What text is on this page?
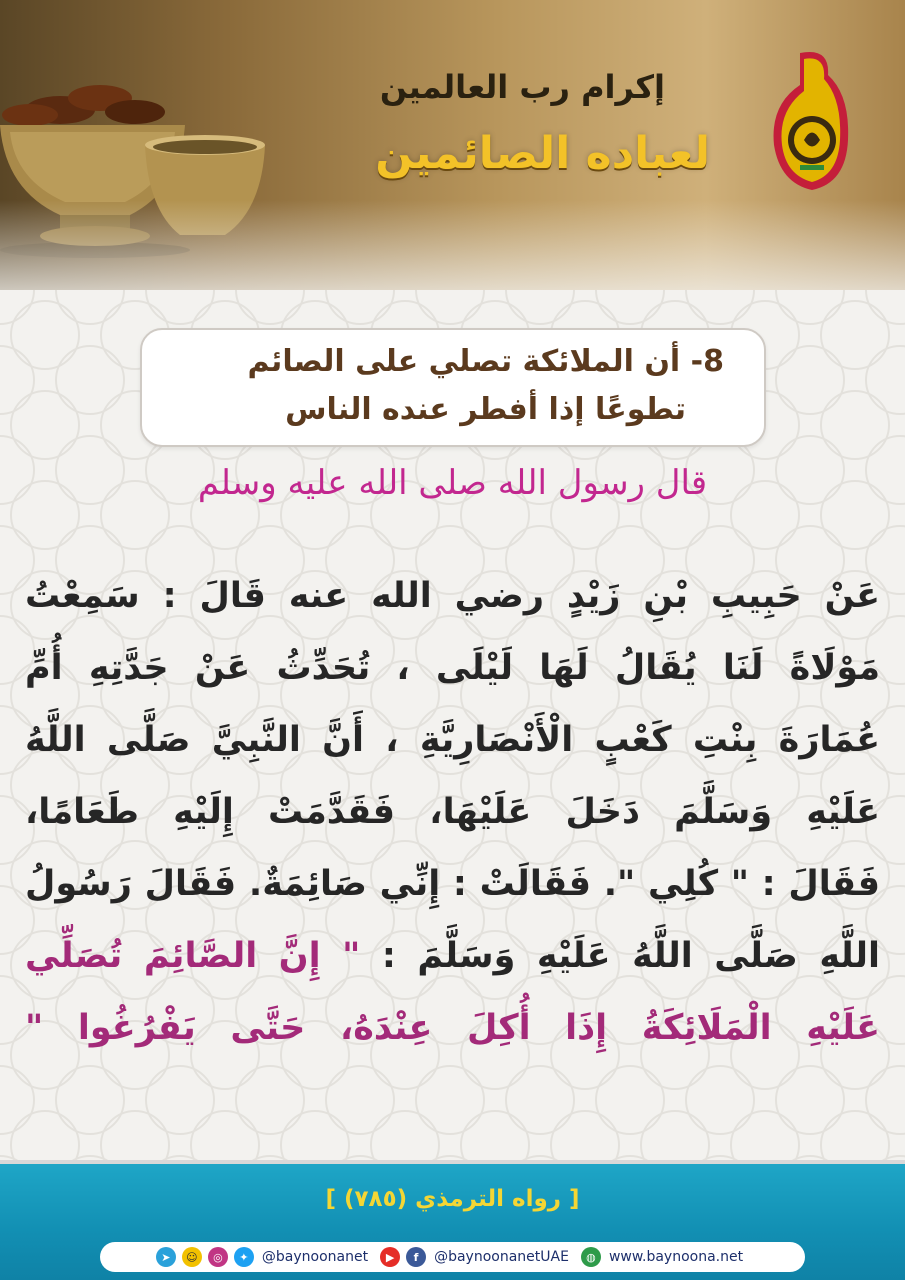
إكرام رب العالمين
لعباده الصائمين
8- أن الملائكة تصلي على الصائم
تطوعًا إذا أفطر عنده الناس
قال رسول الله صلى الله عليه وسلم
عَنْ حَبِيبِ بْنِ زَيْدٍ رضي الله عنه قَالَ : سَمِعْتُ
مَوْلَاةً لَنَا يُقَالُ لَهَا لَيْلَى ، تُحَدِّثُ عَنْ جَدَّتِهِ أُمِّ
عُمَارَةَ بِنْتِ كَعْبٍ الْأَنْصَارِيَّةِ ، أَنَّ النَّبِيَّ صَلَّى اللَّهُ
عَلَيْهِ وَسَلَّمَ دَخَلَ عَلَيْهَا، فَقَدَّمَتْ إِلَيْهِ طَعَامًا،
فَقَالَ : " كُلِي ". فَقَالَتْ : إِنِّي صَائِمَةٌ. فَقَالَ رَسُولُ
اللَّهِ صَلَّى اللَّهُ عَلَيْهِ وَسَلَّمَ : " إِنَّ الصَّائِمَ تُصَلِّي
عَلَيْهِ الْمَلَائِكَةُ إِذَا أُكِلَ عِنْدَهُ، حَتَّى يَفْرُغُوا "
[ رواه الترمذي (٧٨٥) ]
➤	☺	◎	✦ @baynoonanet	▶	f	@baynoonanetUAE	◍ www.baynoona.net
